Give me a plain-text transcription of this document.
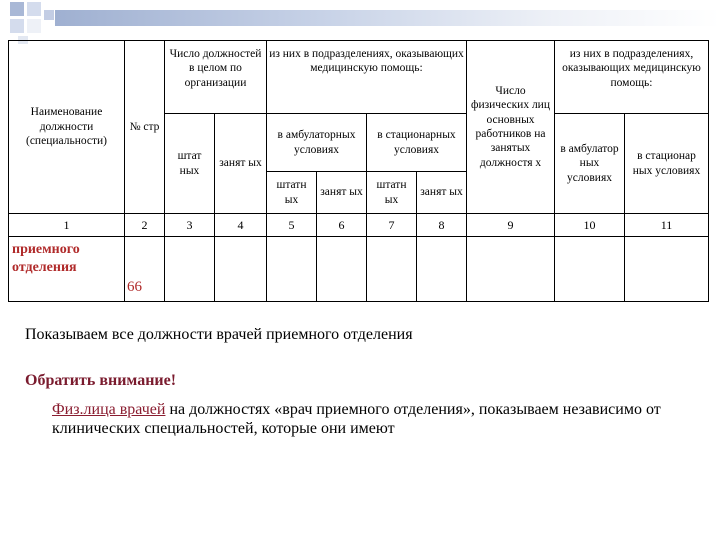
Наименование должности (специальности)	№ стр	Число должностей в целом по организации		из них в подразделениях, оказывающих медицинскую помощь:				Число физических лиц основных работников на занятых должностя х	из них в подразделениях, оказывающих медицинскую помощь:	
		штат ных	занят ых	в амбулаторных условиях		в стационарных условиях			в амбулатор ных условиях	в стационар ных условиях
				штатн ых	занят ых	штатн ых	занят ых			
1	2	3	4	5	6	7	8	9	10	11
приемного отделения	66									
Показываем все должности врачей приемного отделения
Обратить внимание!
Физ.лица врачей на должностях «врач приемного отделения», показываем независимо от клинических специальностей, которые они имеют
